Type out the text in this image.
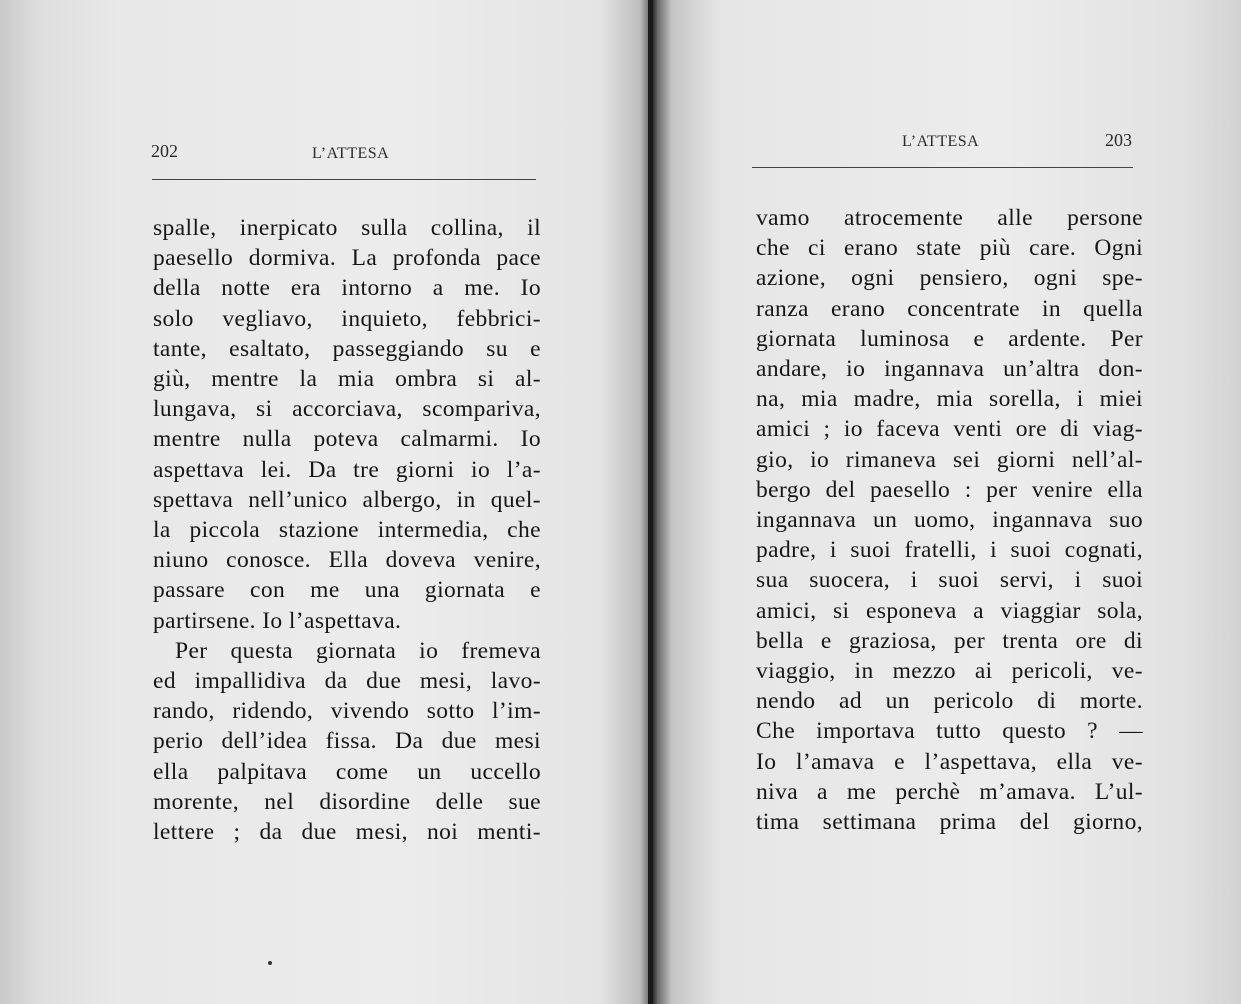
202	L’ATTESA
spalle, inerpicato sulla collina, il
paesello dormiva. La profonda pace
della notte era intorno a me. Io
solo vegliavo, inquieto, febbrici-
tante, esaltato, passeggiando su e
giù, mentre la mia ombra si al-
lungava, si accorciava, scompariva,
mentre nulla poteva calmarmi. Io
aspettava lei. Da tre giorni io l’a-
spettava nell’unico albergo, in quel-
la piccola stazione intermedia, che
niuno conosce. Ella doveva venire,
passare con me una giornata e
partirsene. Io l’aspettava.
Per questa giornata io fremeva
ed impallidiva da due mesi, lavo-
rando, ridendo, vivendo sotto l’im-
perio dell’idea fissa. Da due mesi
ella palpitava come un uccello
morente, nel disordine delle sue
lettere ; da due mesi, noi menti-
L’ATTESA	203
vamo atrocemente alle persone
che ci erano state più care. Ogni
azione, ogni pensiero, ogni spe-
ranza erano concentrate in quella
giornata luminosa e ardente. Per
andare, io ingannava un’altra don-
na, mia madre, mia sorella, i miei
amici ; io faceva venti ore di viag-
gio, io rimaneva sei giorni nell’al-
bergo del paesello : per venire ella
ingannava un uomo, ingannava suo
padre, i suoi fratelli, i suoi cognati,
sua suocera, i suoi servi, i suoi
amici, si esponeva a viaggiar sola,
bella e graziosa, per trenta ore di
viaggio, in mezzo ai pericoli, ve-
nendo ad un pericolo di morte.
Che importava tutto questo ? —
Io l’amava e l’aspettava, ella ve-
niva a me perchè m’amava. L’ul-
tima settimana prima del giorno,
